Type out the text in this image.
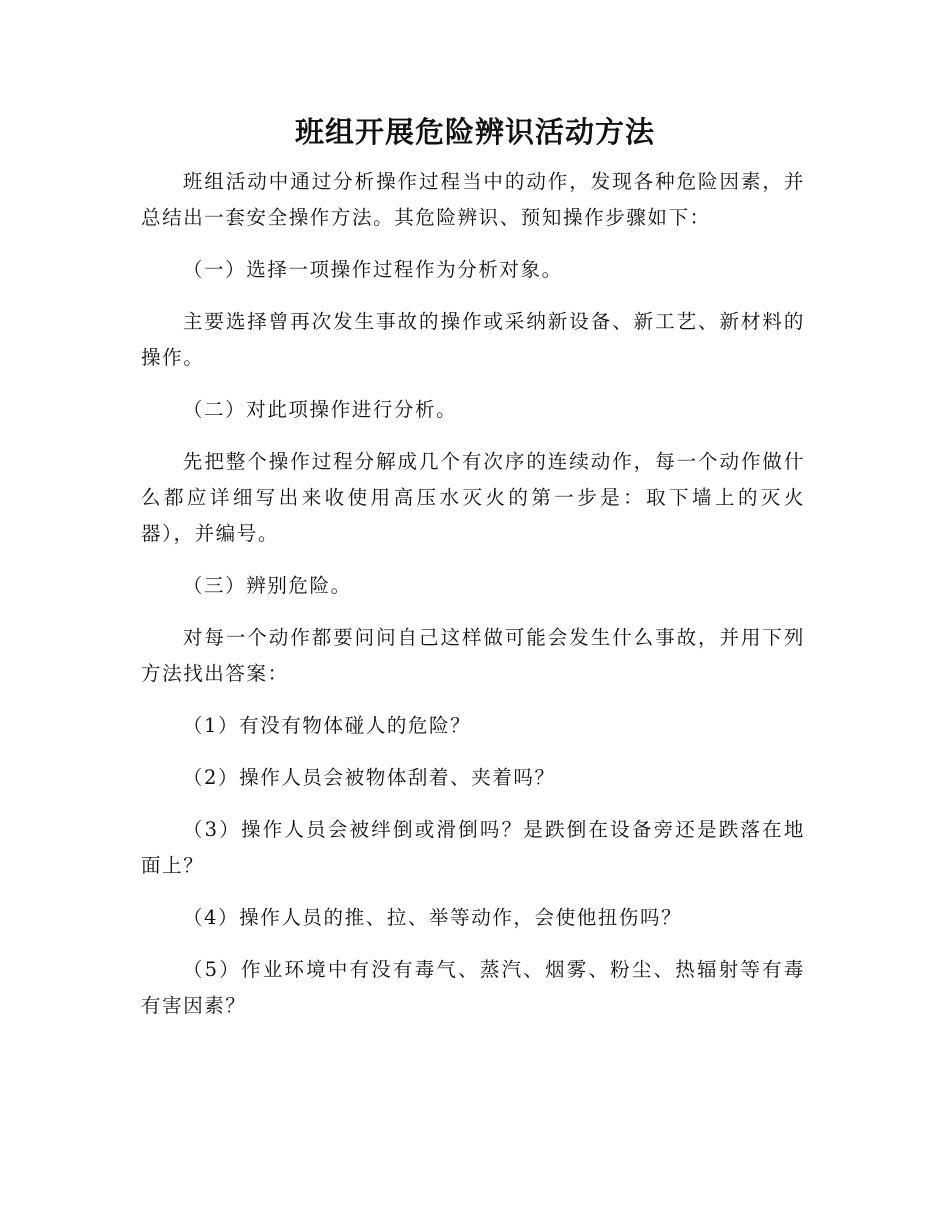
班组开展危险辨识活动方法

班组活动中通过分析操作过程当中的动作，发现各种危险因素，并总结出一套安全操作方法。其危险辨识、预知操作步骤如下：

（一）选择一项操作过程作为分析对象。

主要选择曾再次发生事故的操作或采纳新设备、新工艺、新材料的操作。

（二）对此项操作进行分析。

先把整个操作过程分解成几个有次序的连续动作，每一个动作做什么都应详细写出来收使用高压水灭火的第一步是：取下墙上的灭火器），并编号。

（三）辨别危险。

对每一个动作都要问问自己这样做可能会发生什么事故，并用下列方法找出答案：

（1）有没有物体碰人的危险？

（2）操作人员会被物体刮着、夹着吗？

（3）操作人员会被绊倒或滑倒吗？是跌倒在设备旁还是跌落在地面上？

（4）操作人员的推、拉、举等动作，会使他扭伤吗？

（5）作业环境中有没有毒气、蒸汽、烟雾、粉尘、热辐射等有毒有害因素？
